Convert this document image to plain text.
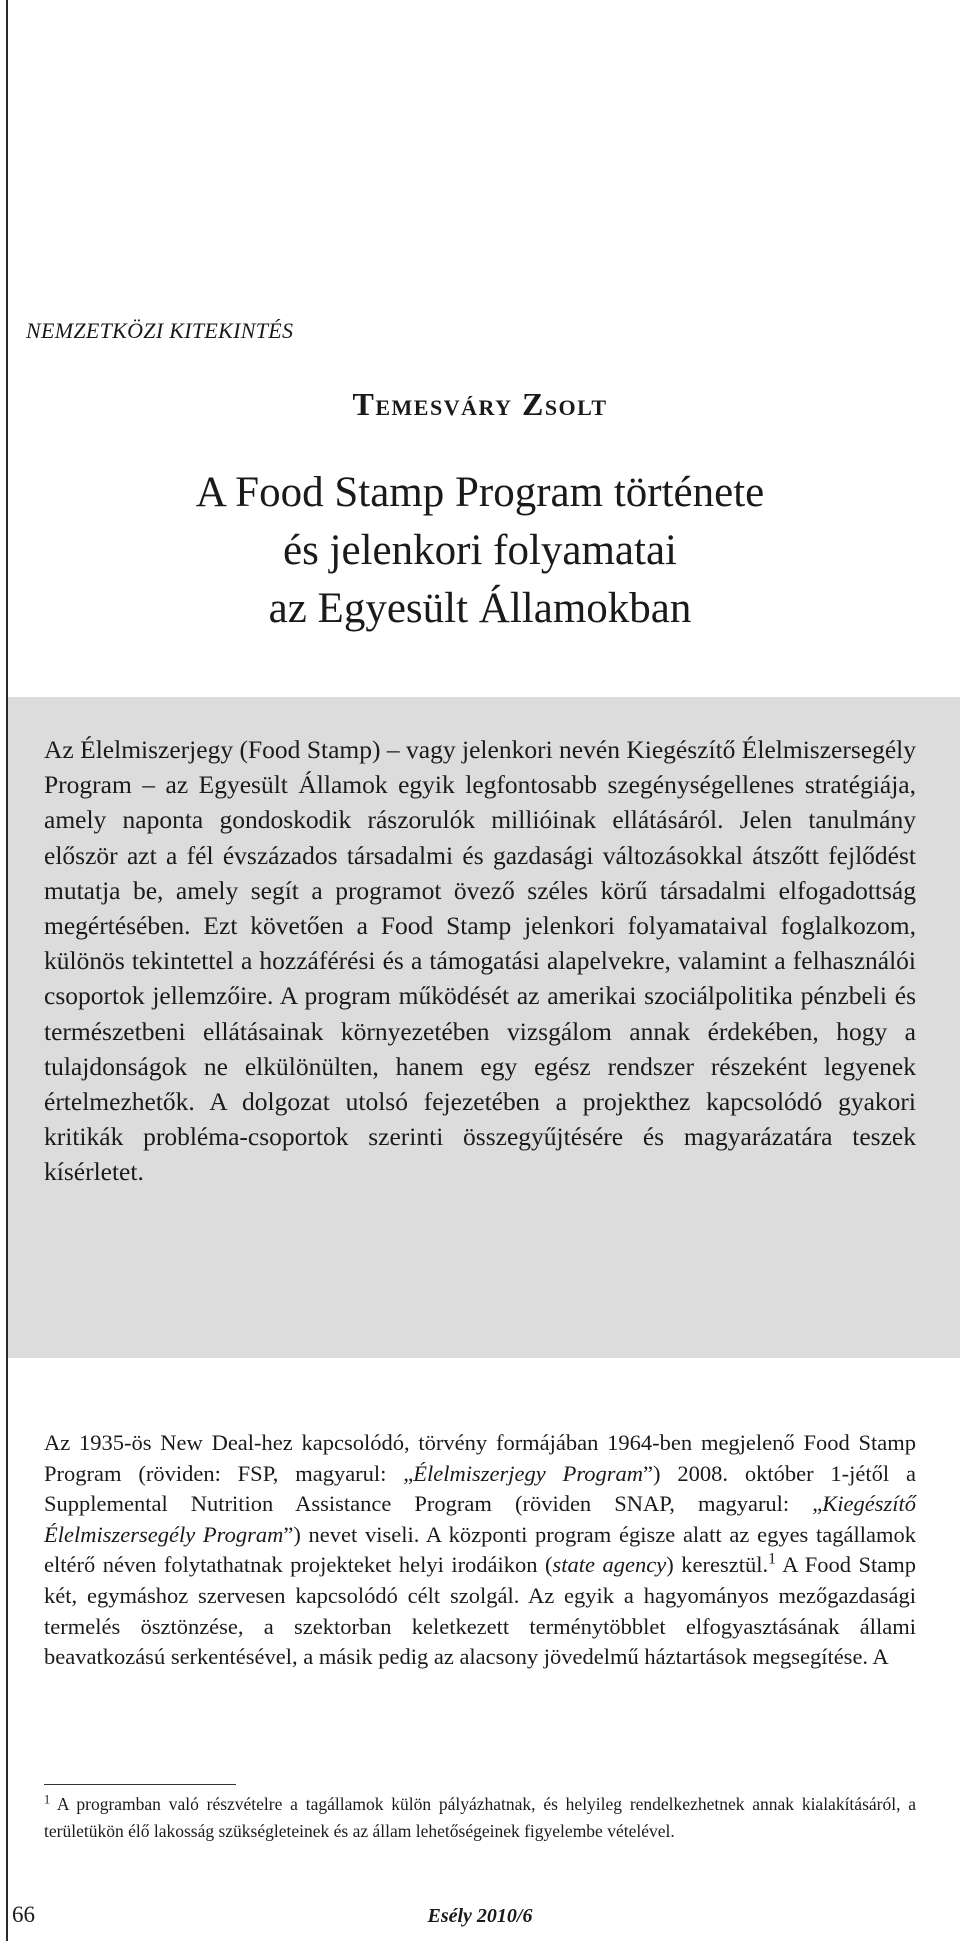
NEMZETKÖZI KITEKINTÉS
Temesváry Zsolt
A Food Stamp Program története
és jelenkori folyamatai
az Egyesült Államokban
Az Élelmiszerjegy (Food Stamp) – vagy jelenkori nevén Kiegészítő Élelmiszersegély Program – az Egyesült Államok egyik legfontosabb szegénységellenes stratégiája, amely naponta gondoskodik rászorulók millióinak ellátásáról. Jelen tanulmány először azt a fél évszázados társadalmi és gazdasági változásokkal átszőtt fejlődést mutatja be, amely segít a programot övező széles körű társadalmi elfogadottság megértésében. Ezt követően a Food Stamp jelenkori folyamataival foglalkozom, különös tekintettel a hozzáférési és a támogatási alapelvekre, valamint a felhasználói csoportok jellemzőire. A program működését az amerikai szociálpolitika pénzbeli és természetbeni ellátásainak környezetében vizsgálom annak érdekében, hogy a tulajdonságok ne elkülönülten, hanem egy egész rendszer részeként legyenek értelmezhetők. A dolgozat utolsó fejezetében a projekthez kapcsolódó gyakori kritikák probléma-csoportok szerinti összegyűjtésére és magyarázatára teszek kísérletet.
Az 1935-ös New Deal-hez kapcsolódó, törvény formájában 1964-ben megjelenő Food Stamp Program (röviden: FSP, magyarul: „Élelmiszerjegy Program”) 2008. október 1-jétől a Supplemental Nutrition Assistance Program (röviden SNAP, magyarul: „Kiegészítő Élelmiszersegély Program”) nevet viseli. A központi program égisze alatt az egyes tagállamok eltérő néven folytathatnak projekteket helyi irodáikon (state agency) keresztül.$^1$ A Food Stamp két, egymáshoz szervesen kapcsolódó célt szolgál. Az egyik a hagyományos mezőgazdasági termelés ösztönzése, a szektorban keletkezett terménytöbblet elfogyasztásának állami beavatkozású serkentésével, a másik pedig az alacsony jövedelmű háztartások megsegítése. A
$^1$ A programban való részvételre a tagállamok külön pályázhatnak, és helyileg rendelkezhetnek annak kialakításáról, a területükön élő lakosság szükségleteinek és az állam lehetőségeinek figyelembe vételével.
66	Esély 2010/6
